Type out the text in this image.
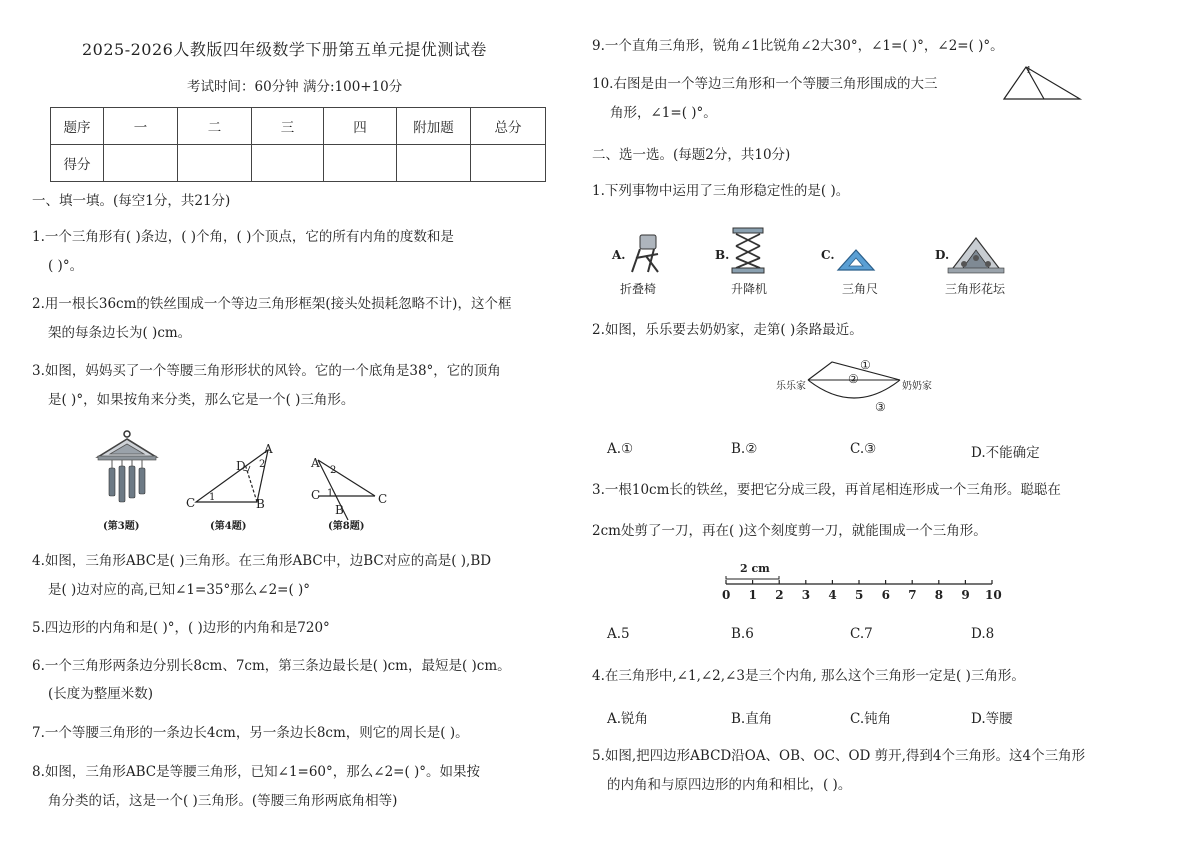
2025-2026人教版四年级数学下册第五单元提优测试卷
考试时间：60分钟 满分:100+10分
题序	一	二	三	四	附加题	总分
得分						
一、填一填。(每空1分，共21分)
1.一个三角形有( )条边，( )个角，( )个顶点，它的所有内角的度数和是
( )°。
2.用一根长36cm的铁丝围成一个等边三角形框架(接头处损耗忽略不计)，这个框
架的每条边长为( )cm。
3.如图，妈妈买了一个等腰三角形形状的风铃。它的一个底角是38°，它的顶角
是( )°，如果按角来分类，那么它是一个( )三角形。
C	B
A
D
1
2	A
C
B
C
2
1
(第3题)	(第4题)	(第8题)
4.如图，三角形ABC是( )三角形。在三角形ABC中，边BC对应的高是( ),BD
是( )边对应的高,已知∠1=35°那么∠2=( )°
5.四边形的内角和是( )°，( )边形的内角和是720°
6.一个三角形两条边分别长8cm、7cm，第三条边最长是( )cm，最短是( )cm。
(长度为整厘米数)
7.一个等腰三角形的一条边长4cm，另一条边长8cm，则它的周长是( )。
8.如图，三角形ABC是等腰三角形，已知∠1=60°，那么∠2=( )°。如果按
角分类的话，这是一个( )三角形。(等腰三角形两底角相等)
9.一个直角三角形，锐角∠1比锐角∠2大30°，∠1=( )°，∠2=( )°。
10.右图是由一个等边三角形和一个等腰三角形围成的大三
角形，∠1=( )°。
1
二、选一选。(每题2分，共10分)
1.下列事物中运用了三角形稳定性的是( )。
A.
折叠椅
B.
升降机
C.
三角尺
D.
三角形花坛
2.如图，乐乐要去奶奶家，走第( )条路最近。
乐乐家	奶奶家
①
②
③
A.①	B.②	C.③	D.不能确定
3.一根10cm长的铁丝，要把它分成三段，再首尾相连形成一个三角形。聪聪在
2cm处剪了一刀，再在( )这个刻度剪一刀，就能围成一个三角形。
2 cm
0 1 2 3 4 5 6 7 8 9 10
A.5	B.6	C.7	D.8
4.在三角形中,∠1,∠2,∠3是三个内角, 那么这个三角形一定是( )三角形。
A.锐角	B.直角	C.钝角	D.等腰
5.如图,把四边形ABCD沿OA、OB、OC、OD 剪开,得到4个三角形。这4个三角形
的内角和与原四边形的内角和相比，( )。
